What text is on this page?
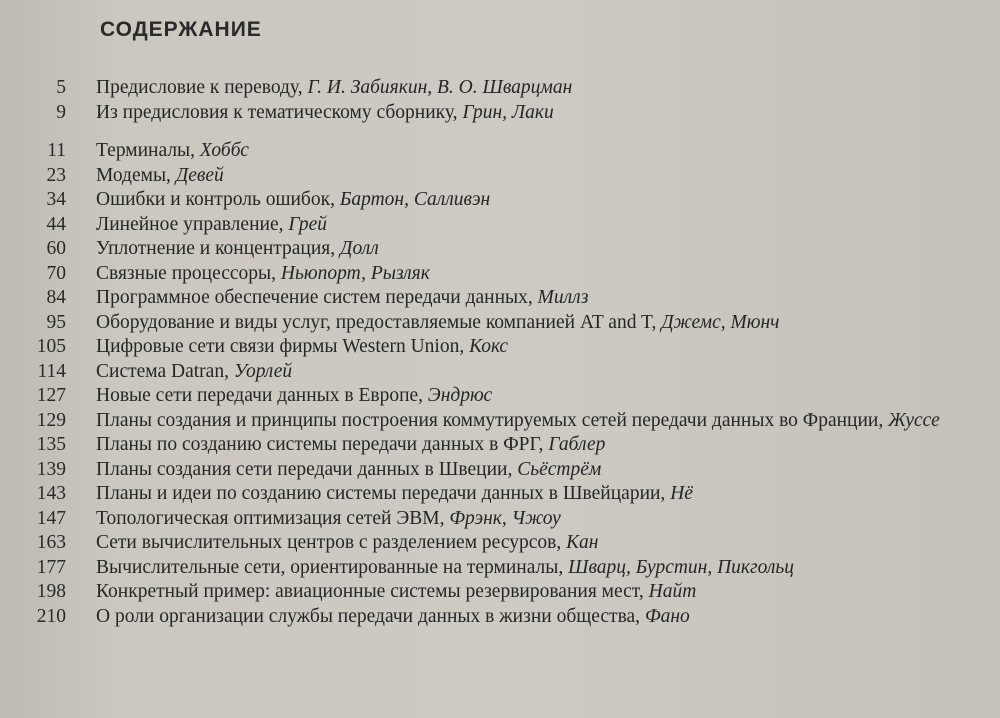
СОДЕРЖАНИЕ
5 Предисловие к переводу, Г. И. Забиякин, В. О. Шварцман
9 Из предисловия к тематическому сборнику, Грин, Лаки
11 Терминалы, Хоббс
23 Модемы, Девей
34 Ошибки и контроль ошибок, Бартон, Салливэн
44 Линейное управление, Грей
60 Уплотнение и концентрация, Долл
70 Связные процессоры, Ньюпорт, Рызляк
84 Программное обеспечение систем передачи данных, Миллз
95 Оборудование и виды услуг, предоставляемые компанией AT and T, Джемс, Мюнч
105 Цифровые сети связи фирмы Western Union, Кокс
114 Система Datran, Уорлей
127 Новые сети передачи данных в Европе, Эндрюс
129 Планы создания и принципы построения коммутируемых сетей передачи данных во Франции, Жуссе
135 Планы по созданию системы передачи данных в ФРГ, Габлер
139 Планы создания сети передачи данных в Швеции, Сьёстрём
143 Планы и идеи по созданию системы передачи данных в Швейцарии, Нё
147 Топологическая оптимизация сетей ЭВМ, Фрэнк, Чжоу
163 Сети вычислительных центров с разделением ресурсов, Кан
177 Вычислительные сети, ориентированные на терминалы, Шварц, Бурстин, Пикгольц
198 Конкретный пример: авиационные системы резервирования мест, Найт
210 О роли организации службы передачи данных в жизни общества, Фано
